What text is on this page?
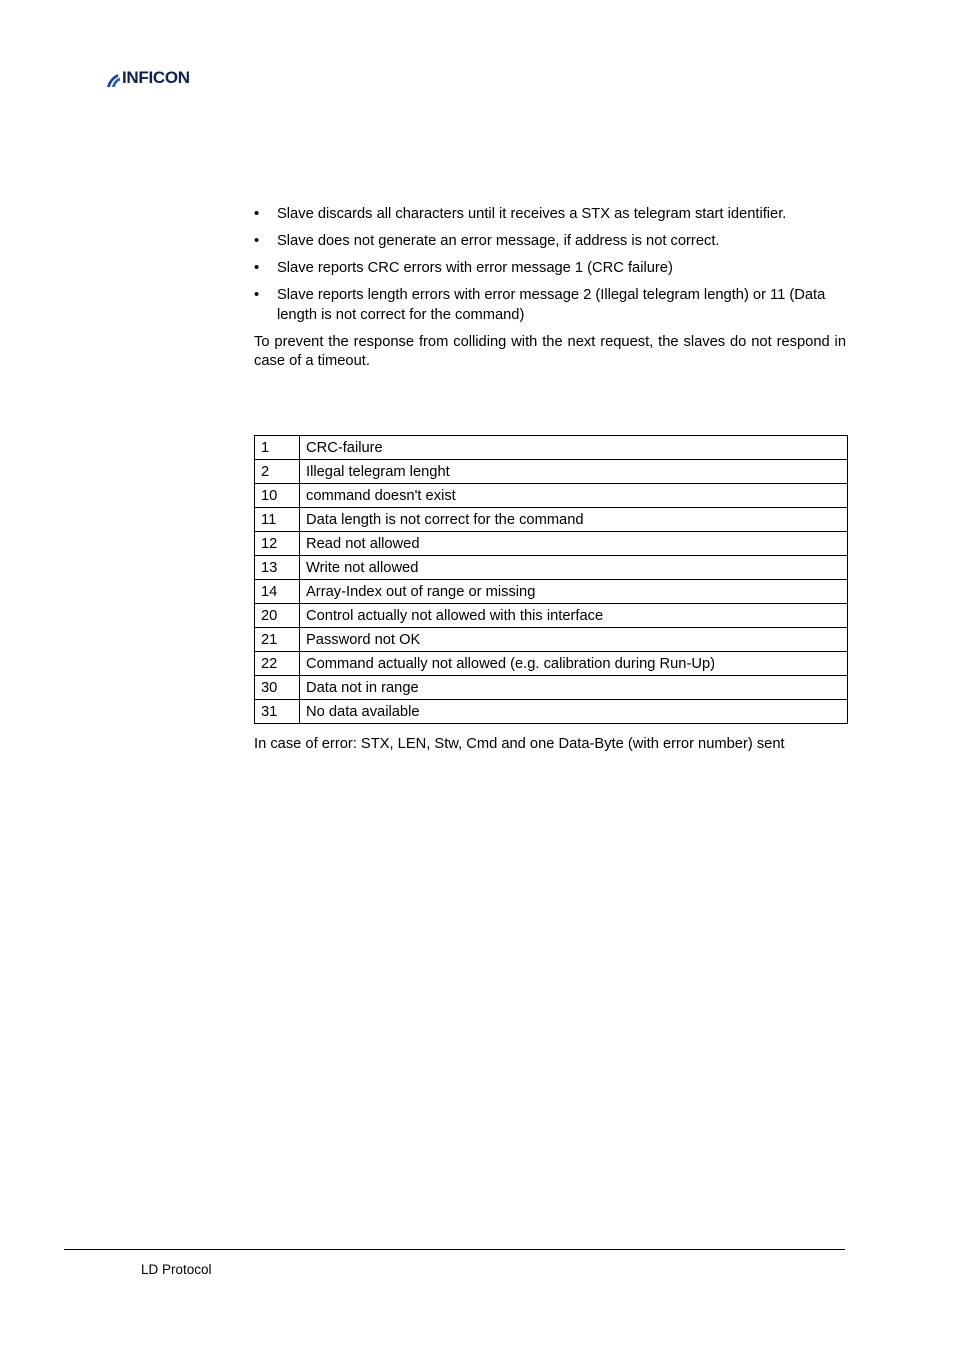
INFICON
• Slave discards all characters until it receives a STX as telegram start identifier.
• Slave does not generate an error message, if address is not correct.
• Slave reports CRC errors with error message 1 (CRC failure)
• Slave reports length errors with error message 2 (Illegal telegram length) or 11 (Data length is not correct for the command)

To prevent the response from colliding with the next request, the slaves do not respond in case of a timeout.

1	CRC-failure
2	Illegal telegram lenght
10	command doesn't exist
11	Data length is not correct for the command
12	Read not allowed
13	Write not allowed
14	Array-Index out of range or missing
20	Control actually not allowed with this interface
21	Password not OK
22	Command actually not allowed (e.g. calibration during Run-Up)
30	Data not in range
31	No data available
In case of error: STX, LEN, Stw, Cmd and one Data-Byte (with error number) sent
LD Protocol
